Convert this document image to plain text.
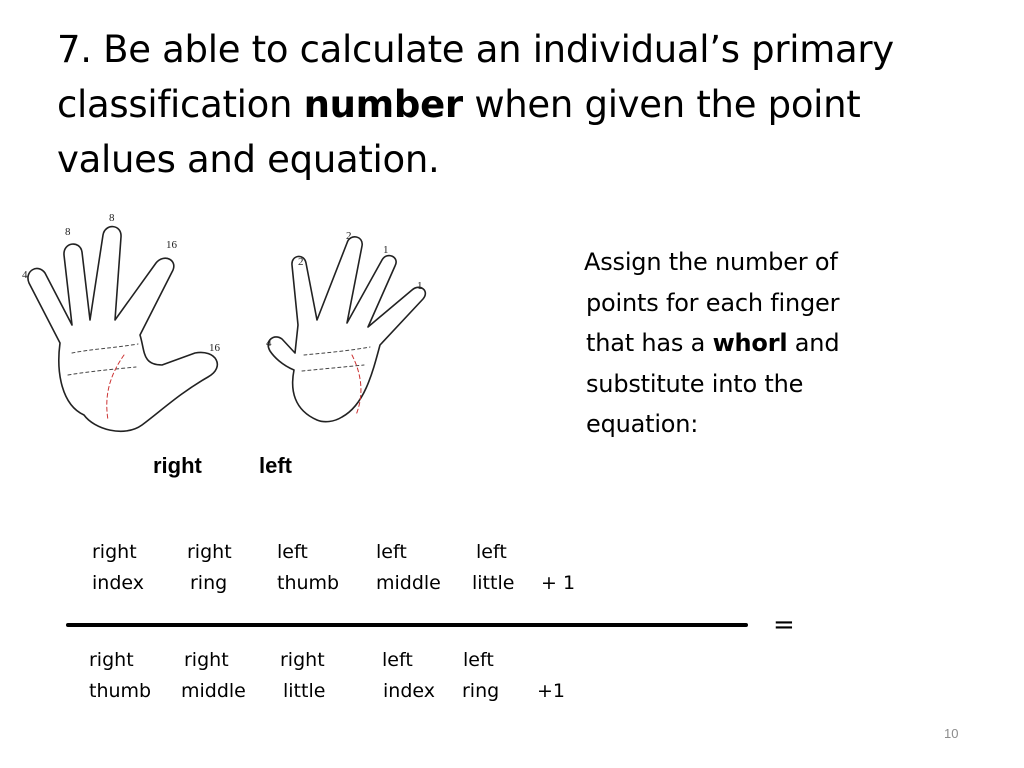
7. Be able to calculate an individual’s primary
classification number when given the point
values and equation.
8
8
16
4
16	4
2
2
1
1
right	left
Assign the number of
points for each finger
that has a whorl and
substitute into the
equation:
right
index
right
ring
left
thumb
left
middle
left
little + 1
=
right
thumb
right
middle
right
little
left
index
left
ring +1
10
